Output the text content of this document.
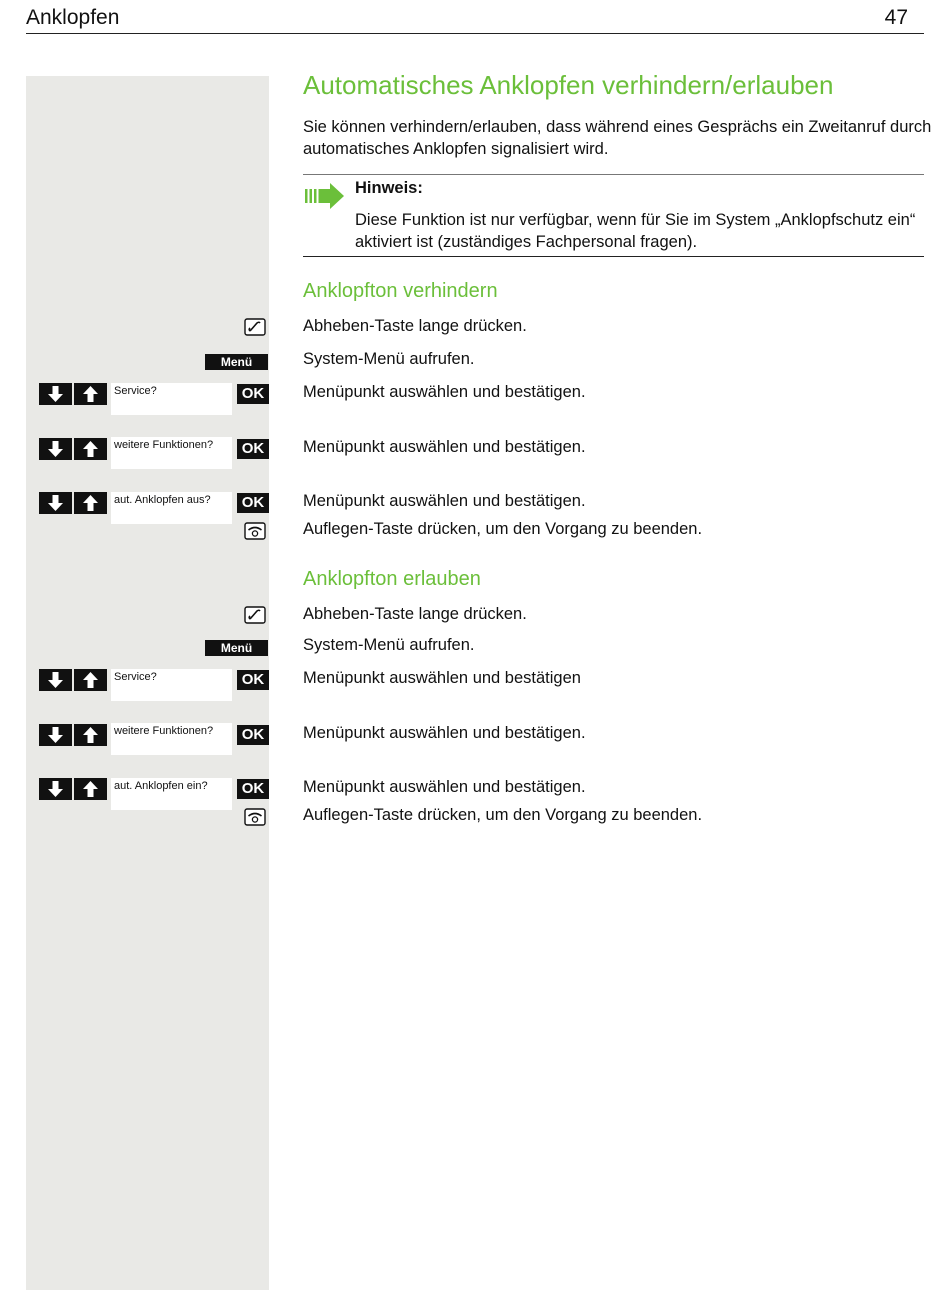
Anklopfen	47
Automatisches Anklopfen verhindern/erlauben
Sie können verhindern/erlauben, dass während eines Gesprächs ein Zweitanruf durch automatisches Anklopfen signalisiert wird.
Hinweis:
Diese Funktion ist nur verfügbar, wenn für Sie im System „Anklopfschutz ein“ aktiviert ist (zuständiges Fachpersonal fragen).
Anklopfton verhindern
Abheben-Taste lange drücken.
Menü	System-Menü aufrufen.
Service?	OK Menüpunkt auswählen und bestätigen.
weitere Funktionen?	OK Menüpunkt auswählen und bestätigen.
aut. Anklopfen aus?	OK Menüpunkt auswählen und bestätigen.
Auflegen-Taste drücken, um den Vorgang zu beenden.
Anklopfton erlauben
Abheben-Taste lange drücken.
Menü	System-Menü aufrufen.
Service?	OK Menüpunkt auswählen und bestätigen
weitere Funktionen?	OK Menüpunkt auswählen und bestätigen.
aut. Anklopfen ein?	OK Menüpunkt auswählen und bestätigen.
Auflegen-Taste drücken, um den Vorgang zu beenden.
